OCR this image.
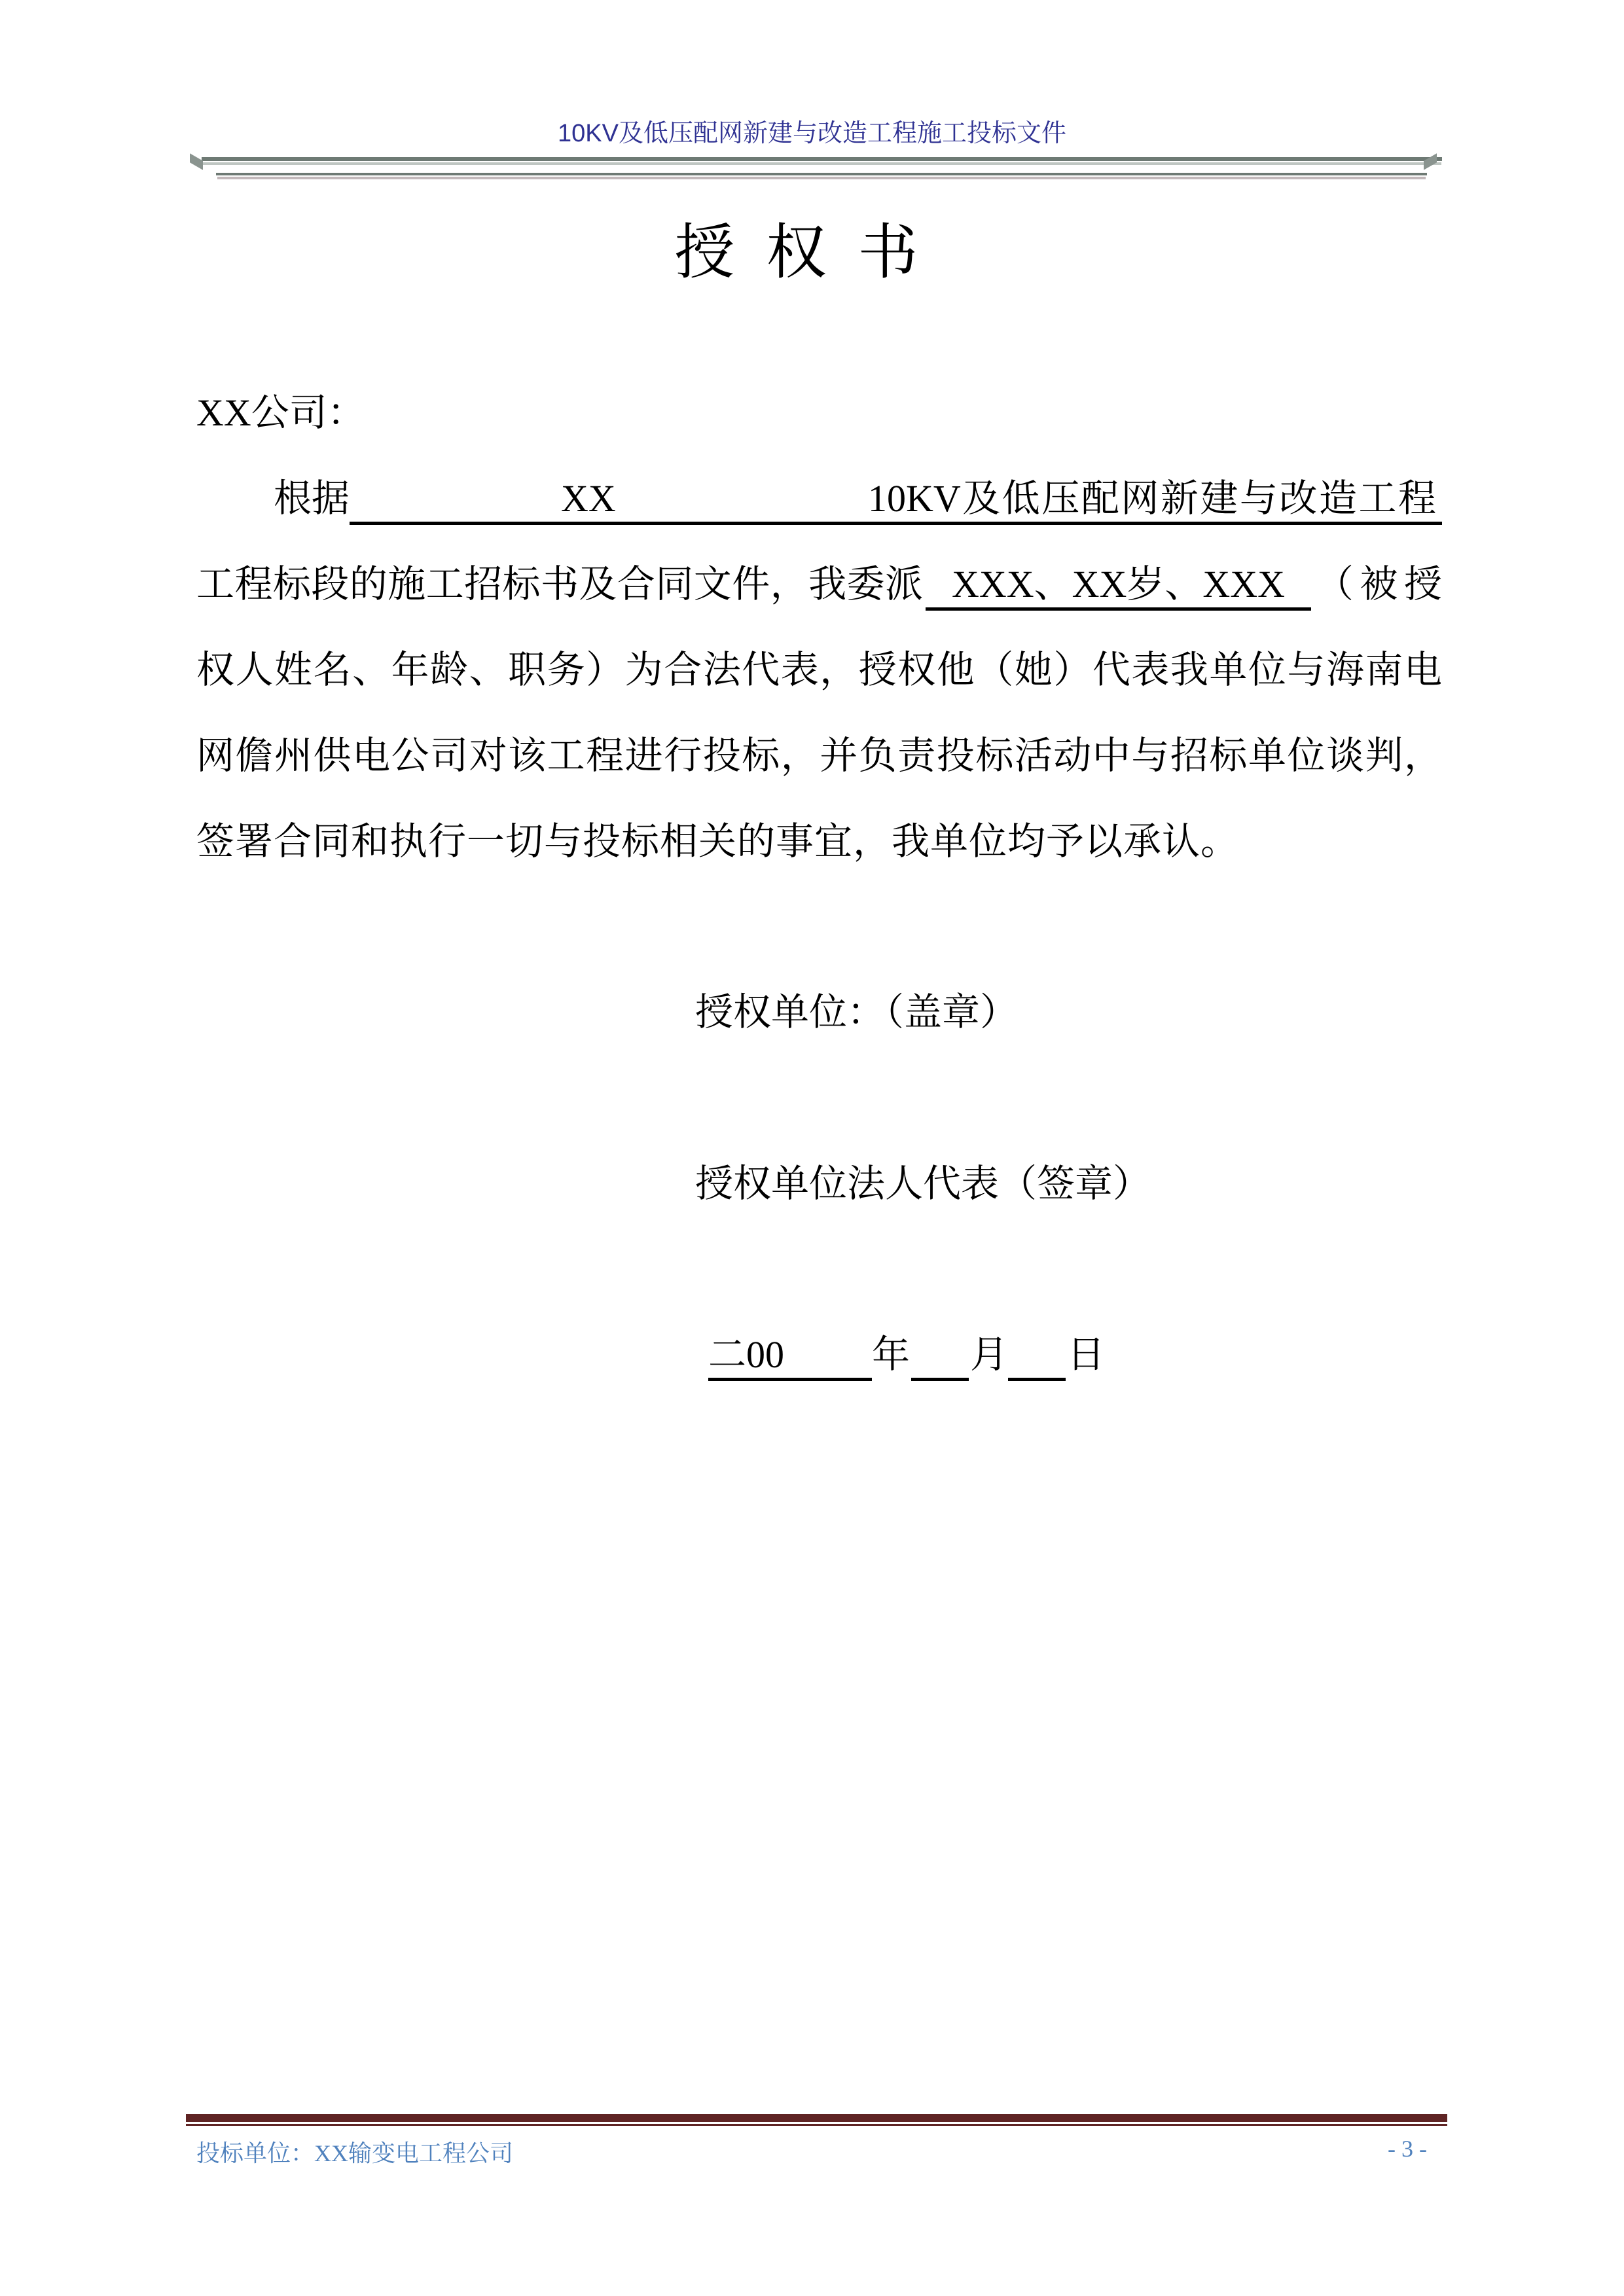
10KV及低压配网新建与改造工程施工投标文件
授权书
XX公司：
根据	XX	10KV及低压配网新建与改造工程
工程标段的施工招标书及合同文件，我委派 XXX、XX岁、XXX （被授
权人姓名、年龄、职务）为合法代表，授权他（她）代表我单位与海南电
网儋州供电公司对该工程进行投标，并负责投标活动中与招标单位谈判，
签署合同和执行一切与投标相关的事宜，我单位均予以承认。
授权单位：（盖章）
授权单位法人代表（签章）
二00	年 月 日
投标单位：XX输变电工程公司	- 3 -
